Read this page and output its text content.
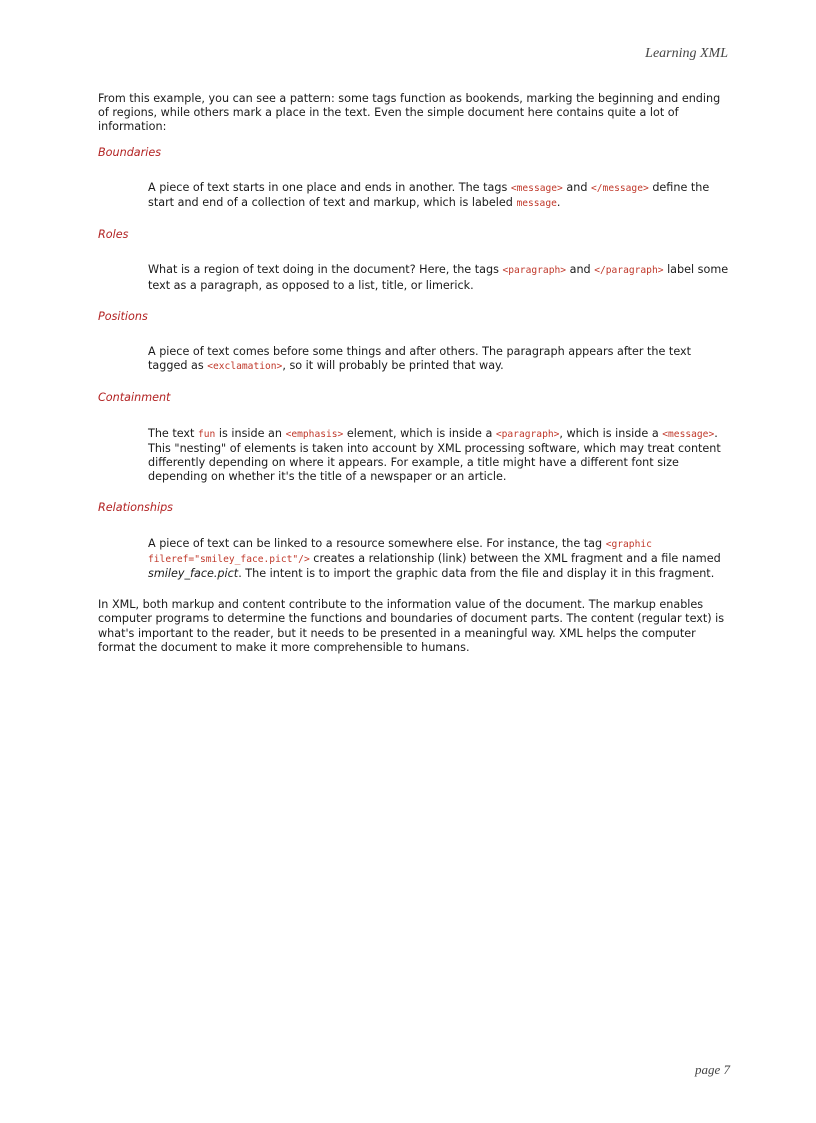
Learning XML

From this example, you can see a pattern: some tags function as bookends, marking the beginning and ending of regions, while others mark a place in the text. Even the simple document here contains quite a lot of information:

Boundaries

A piece of text starts in one place and ends in another. The tags <message> and </message> define the start and end of a collection of text and markup, which is labeled message.

Roles

What is a region of text doing in the document? Here, the tags <paragraph> and </paragraph> label some text as a paragraph, as opposed to a list, title, or limerick.

Positions

A piece of text comes before some things and after others. The paragraph appears after the text tagged as <exclamation>, so it will probably be printed that way.

Containment

The text fun is inside an <emphasis> element, which is inside a <paragraph>, which is inside a <message>. This "nesting" of elements is taken into account by XML processing software, which may treat content differently depending on where it appears. For example, a title might have a different font size depending on whether it's the title of a newspaper or an article.

Relationships

A piece of text can be linked to a resource somewhere else. For instance, the tag <graphic fileref="smiley_face.pict"/> creates a relationship (link) between the XML fragment and a file named smiley_face.pict. The intent is to import the graphic data from the file and display it in this fragment.

In XML, both markup and content contribute to the information value of the document. The markup enables computer programs to determine the functions and boundaries of document parts. The content (regular text) is what's important to the reader, but it needs to be presented in a meaningful way. XML helps the computer format the document to make it more comprehensible to humans.

page 7
